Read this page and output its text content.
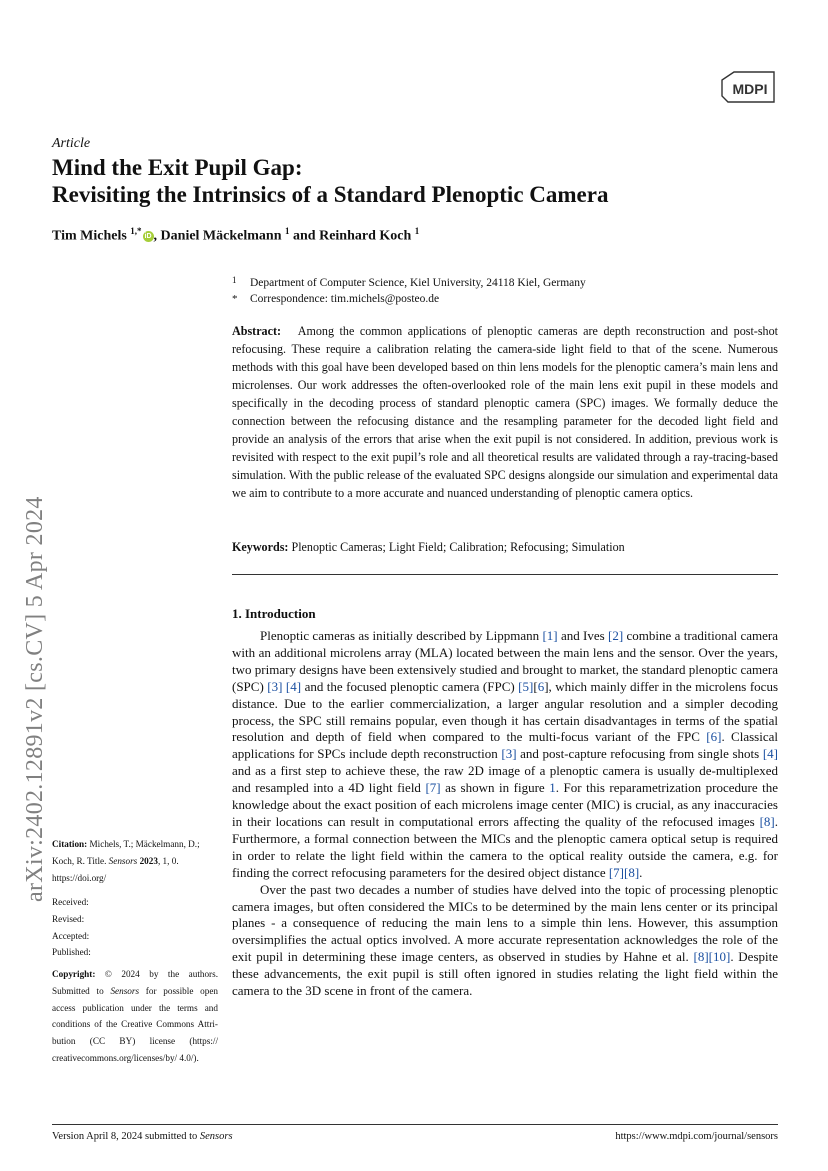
MDPI
Article
Mind the Exit Pupil Gap:
Revisiting the Intrinsics of a Standard Plenoptic Camera
Tim Michels $^{1,*}$iD , Daniel Mäckelmann $^1$ and Reinhard Koch $^1$
1 Department of Computer Science, Kiel University, 24118 Kiel, Germany
* Correspondence: tim.michels@posteo.de
Abstract: Among the common applications of plenoptic cameras are depth reconstruction and post-shot refocusing. These require a calibration relating the camera-side light field to that of the scene. Numerous methods with this goal have been developed based on thin lens models for the plenoptic camera’s main lens and microlenses. Our work addresses the often-overlooked role of the main lens exit pupil in these models and specifically in the decoding process of standard plenoptic camera (SPC) images. We formally deduce the connection between the refocusing distance and the resampling parameter for the decoded light field and provide an analysis of the errors that arise when the exit pupil is not considered. In addition, previous work is revisited with respect to the exit pupil’s role and all theoretical results are validated through a ray-tracing-based simulation. With the public release of the evaluated SPC designs alongside our simulation and experimental data we aim to contribute to a more accurate and nuanced understanding of plenoptic camera optics.
Keywords: Plenoptic Cameras; Light Field; Calibration; Refocusing; Simulation
1. Introduction

Plenoptic cameras as initially described by Lippmann [1] and Ives [2] combine a traditional camera with an additional microlens array (MLA) located between the main lens and the sensor. Over the years, two primary designs have been extensively studied and brought to market, the standard plenoptic camera (SPC) [3] [4] and the focused plenoptic camera (FPC) [5][6], which mainly differ in the microlens focus distance. Due to the earlier commercialization, a larger angular resolution and a simpler decoding process, the SPC still remains popular, even though it has certain disadvantages in terms of the spatial resolution and depth of field when compared to the multi-focus variant of the FPC [6]. Classical applications for SPCs include depth reconstruction [3] and post-capture refocusing from single shots [4] and as a first step to achieve these, the raw 2D image of a plenoptic camera is usually de-multiplexed and resampled into a 4D light field [7] as shown in figure 1. For this reparametrization procedure the knowledge about the exact position of each microlens image center (MIC) is crucial, as any inaccuracies in their locations can result in computational errors affecting the quality of the refocused images [8]. Furthermore, a formal connection between the MICs and the plenoptic camera optical setup is required in order to relate the light field within the camera to the optical reality outside the camera, e.g. for finding the correct refocusing parameters for the desired object distance [7][8].

Over the past two decades a number of studies have delved into the topic of processing plenoptic camera images, but often considered the MICs to be determined by the main lens center or its principal planes - a consequence of reducing the main lens to a simple thin lens. However, this assumption oversimplifies the actual optics involved. A more accurate representation acknowledges the role of the exit pupil in determining these image centers, as observed in studies by Hahne et al. [8][10]. Despite these advancements, the exit pupil is still often ignored in studies relating the light field within the camera to the 3D scene in front of the camera.

arXiv:2402.12891v2 [cs.CV] 5 Apr 2024 Citation: Michels, T.; Mäckelmann, D.; Koch, R. Title. Sensors 2023, 1, 0.
https://doi.org/
Received:
Revised:
Accepted:
Published:
Copyright: © 2024 by the authors. Submitted to Sensors for possible open access publication under the terms and conditions of the Creative Commons Attri- bution (CC BY) license (https:// creativecommons.org/licenses/by/ 4.0/).
Version April 8, 2024 submitted to Sensors	https://www.mdpi.com/journal/sensors
